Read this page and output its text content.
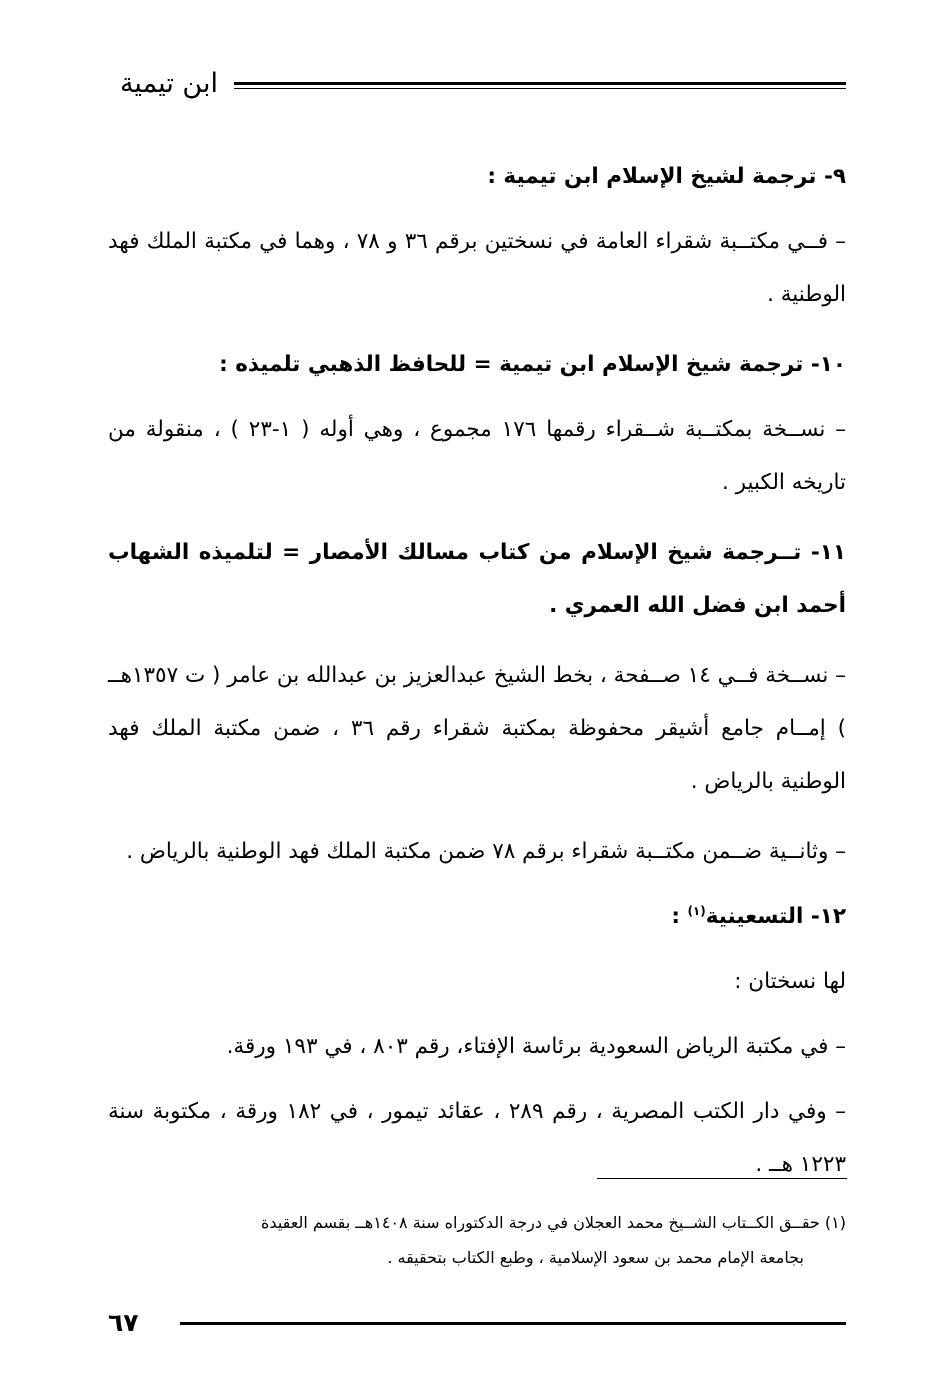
ابن تيمية

٩- ترجمة لشيخ الإسلام ابن تيمية :

– فــي مكتــبة شقراء العامة في نسختين برقم ٣٦ و ٧٨ ، وهما في مكتبة الملك فهد الوطنية .

١٠- ترجمة شيخ الإسلام ابن تيمية = للحافظ الذهبي تلميذه :

– نســخة بمكتــبة شــقراء رقمها ١٧٦ مجموع ، وهي أوله ( ١-٢٣ ) ، منقولة من تاريخه الكبير .

١١- تــرجمة شيخ الإسلام من كتاب مسالك الأمصار = لتلميذه الشهاب أحمد ابن فضل الله العمري .

– نســخة فــي ١٤ صــفحة ، بخط الشيخ عبدالعزيز بن عبدالله بن عامر ( ت ١٣٥٧هــ ) إمــام جامع أشيقر محفوظة بمكتبة شقراء رقم ٣٦ ، ضمن مكتبة الملك فهد الوطنية بالرياض .

– وثانــية ضــمن مكتــبة شقراء برقم ٧٨ ضمن مكتبة الملك فهد الوطنية بالرياض .

١٢- التسعينية$^{(١)}$ :

لها نسختان :

– في مكتبة الرياض السعودية برئاسة الإفتاء، رقم ٨٠٣ ، في ١٩٣ ورقة.

– وفي دار الكتب المصرية ، رقم ٢٨٩ ، عقائد تيمور ، في ١٨٢ ورقة ، مكتوبة سنة ١٢٢٣ هــ .

(١) حقــق الكــتاب الشــيخ محمد العجلان في درجة الدكتوراه سنة ١٤٠٨هــ بقسم العقيدة
بجامعة الإمام محمد بن سعود الإسلامية ، وطبع الكتاب بتحقيقه .
٦٧
